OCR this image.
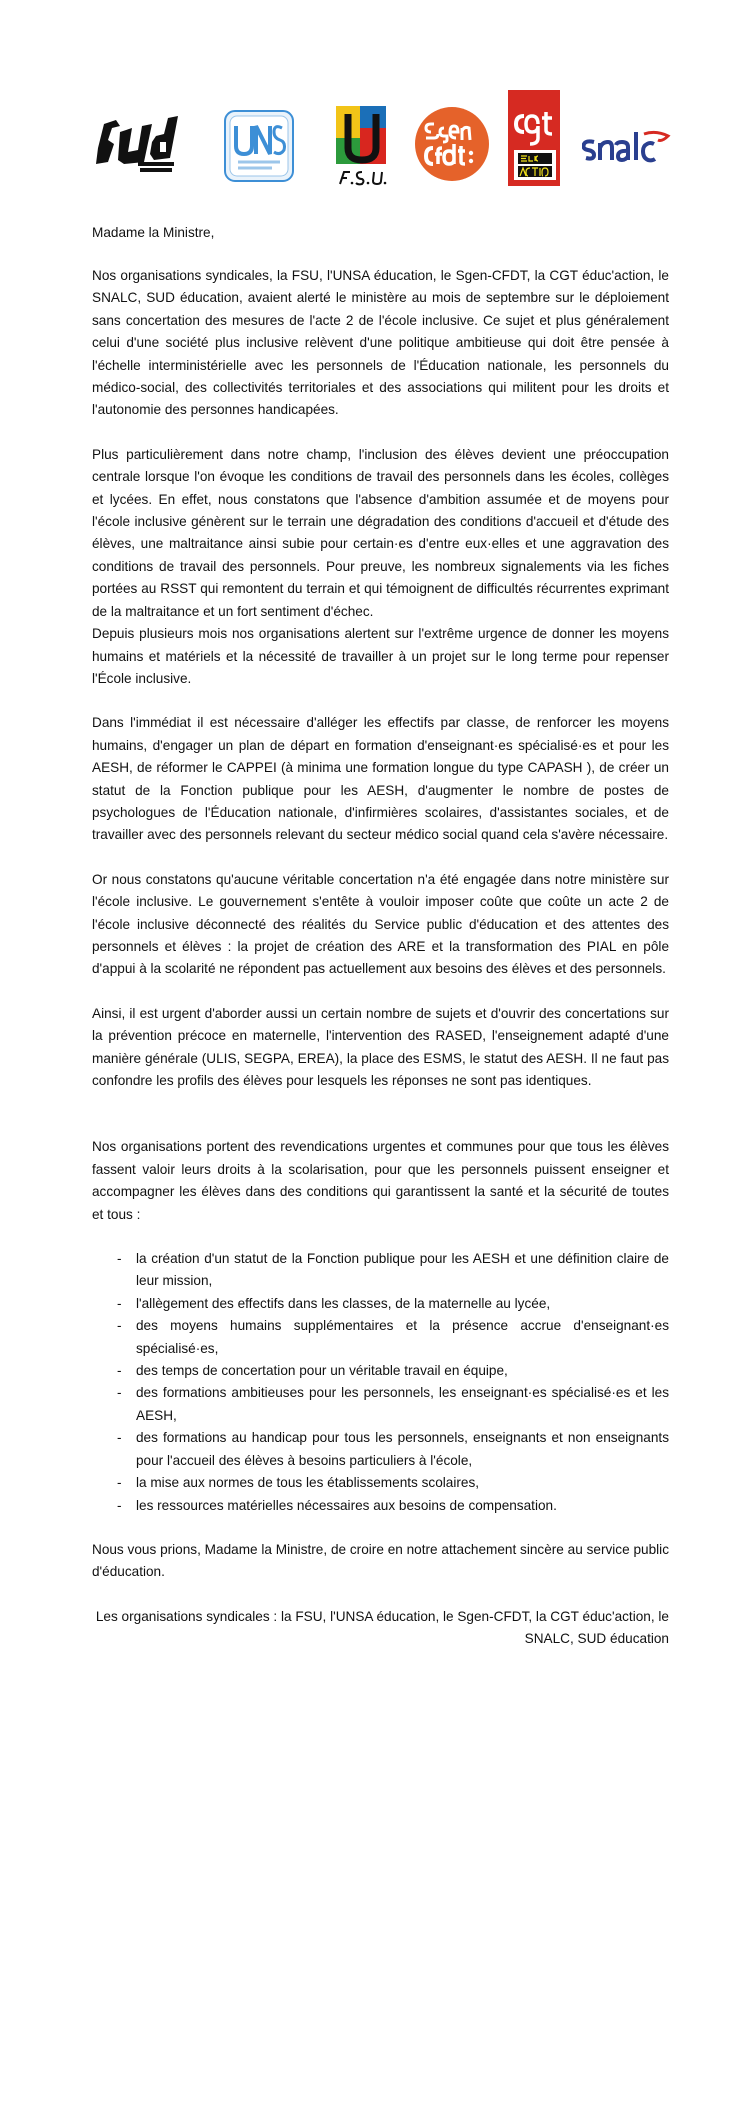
Madame la Ministre,

Nos organisations syndicales, la FSU, l'UNSA éducation, le Sgen-CFDT, la CGT éduc'action, le SNALC, SUD éducation, avaient alerté le ministère au mois de septembre sur le déploiement sans concertation des mesures de l'acte 2 de l'école inclusive. Ce sujet et plus généralement celui d'une société plus inclusive relèvent d'une politique ambitieuse qui doit être pensée à l'échelle interministérielle avec les personnels de l'Éducation nationale, les personnels du médico-social, des collectivités territoriales et des associations qui militent pour les droits et l'autonomie des personnes handicapées.

Plus particulièrement dans notre champ, l'inclusion des élèves devient une préoccupation centrale lorsque l'on évoque les conditions de travail des personnels dans les écoles, collèges et lycées. En effet, nous constatons que l'absence d'ambition assumée et de moyens pour l'école inclusive génèrent sur le terrain une dégradation des conditions d'accueil et d'étude des élèves, une maltraitance ainsi subie pour certain·es d'entre eux·elles et une aggravation des conditions de travail des personnels. Pour preuve, les nombreux signalements via les fiches portées au RSST qui remontent du terrain et qui témoignent de difficultés récurrentes exprimant de la maltraitance et un fort sentiment d'échec.

Depuis plusieurs mois nos organisations alertent sur l'extrême urgence de donner les moyens humains et matériels et la nécessité de travailler à un projet sur le long terme pour repenser l'École inclusive.

Dans l'immédiat il est nécessaire d'alléger les effectifs par classe, de renforcer les moyens humains, d'engager un plan de départ en formation d'enseignant·es spécialisé·es et pour les AESH, de réformer le CAPPEI (à minima une formation longue du type CAPASH ), de créer un statut de la Fonction publique pour les AESH, d'augmenter le nombre de postes de psychologues de l'Éducation nationale, d'infirmières scolaires, d'assistantes sociales, et de travailler avec des personnels relevant du secteur médico social quand cela s'avère nécessaire.

Or nous constatons qu'aucune véritable concertation n'a été engagée dans notre ministère sur l'école inclusive. Le gouvernement s'entête à vouloir imposer coûte que coûte un acte 2 de l'école inclusive déconnecté des réalités du Service public d'éducation et des attentes des personnels et élèves : la projet de création des ARE et la transformation des PIAL en pôle d'appui à la scolarité ne répondent pas actuellement aux besoins des élèves et des personnels.

Ainsi, il est urgent d'aborder aussi un certain nombre de sujets et d'ouvrir des concertations sur la prévention précoce en maternelle, l'intervention des RASED, l'enseignement adapté d'une manière générale (ULIS, SEGPA, EREA), la place des ESMS, le statut des AESH. Il ne faut pas confondre les profils des élèves pour lesquels les réponses ne sont pas identiques.

Nos organisations portent des revendications urgentes et communes pour que tous les élèves fassent valoir leurs droits à la scolarisation, pour que les personnels puissent enseigner et accompagner les élèves dans des conditions qui garantissent la santé et la sécurité de toutes et tous :

- la création d'un statut de la Fonction publique pour les AESH et une définition claire de leur mission,
- l'allègement des effectifs dans les classes, de la maternelle au lycée,
- des moyens humains supplémentaires et la présence accrue d'enseignant·es spécialisé·es,
- des temps de concertation pour un véritable travail en équipe,
- des formations ambitieuses pour les personnels, les enseignant·es spécialisé·es et les AESH,
- des formations au handicap pour tous les personnels, enseignants et non enseignants pour l'accueil des élèves à besoins particuliers à l'école,
- la mise aux normes de tous les établissements scolaires,
- les ressources matérielles nécessaires aux besoins de compensation.

Nous vous prions, Madame la Ministre, de croire en notre attachement sincère au service public d'éducation.

Les organisations syndicales : la FSU, l'UNSA éducation, le Sgen-CFDT, la CGT éduc'action, le SNALC, SUD éducation
